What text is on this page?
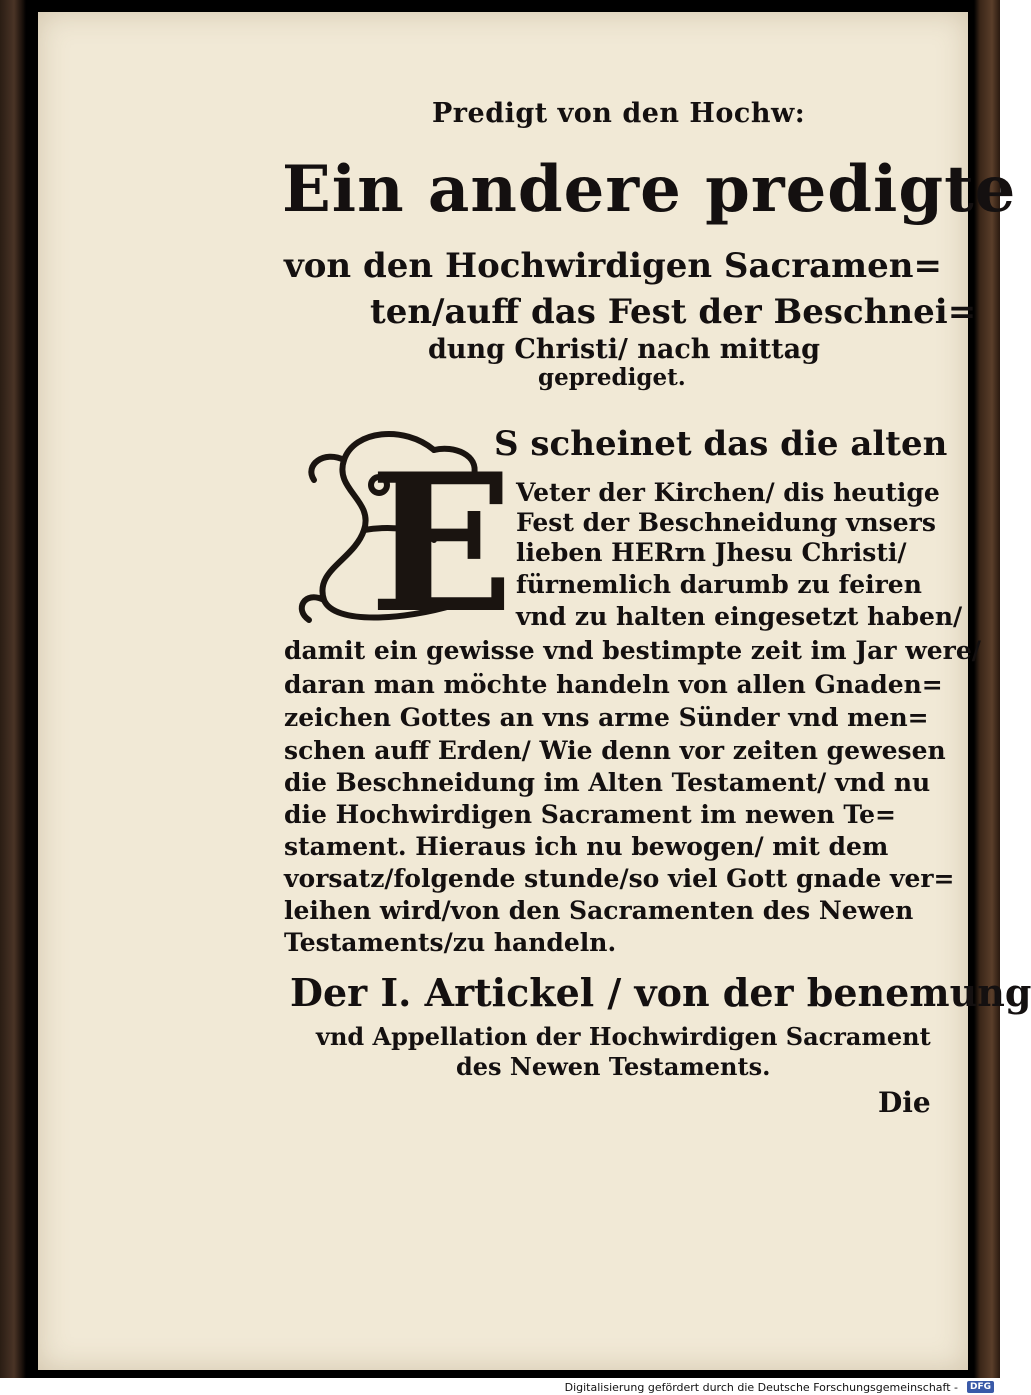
Predigt von den Hochw:
Ein andere predigte
von den Hochwirdigen Sacramen=
ten/auff das Fest der Beschnei=
dung Christi/ nach mittag
geprediget.
E
S scheinet das die alten
Veter der Kirchen/ dis heutige
Fest der Beschneidung vnsers
lieben HERrn Jhesu Christi/
fürnemlich darumb zu feiren
vnd zu halten eingesetzt haben/
damit ein gewisse vnd bestimpte zeit im Jar were/
daran man möchte handeln von allen Gnaden=
zeichen Gottes an vns arme Sünder vnd men=
schen auff Erden/ Wie denn vor zeiten gewesen
die Beschneidung im Alten Testament/ vnd nu
die Hochwirdigen Sacrament im newen Te=
stament. Hieraus ich nu bewogen/ mit dem
vorsatz/folgende stunde/so viel Gott gnade ver=
leihen wird/von den Sacramenten des Newen
Testaments/zu handeln.
Der I. Artickel / von der benemung
vnd Appellation der Hochwirdigen Sacrament
des Newen Testaments.
Die
Digitalisierung gefördert durch die Deutsche Forschungsgemeinschaft -	DFG
